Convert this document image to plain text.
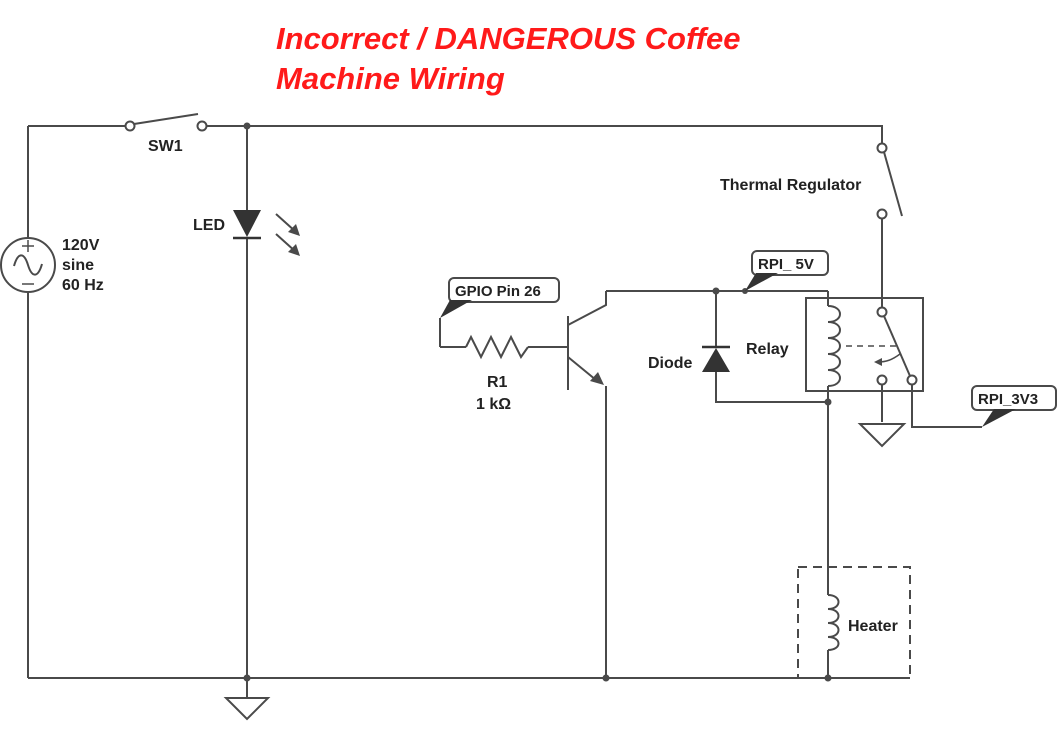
Incorrect / DANGEROUS Coffee
Machine Wiring
SW1
120V
sine
60 Hz
LED
Thermal Regulator
R1
1 kΩ
GPIO Pin 26
RPI_ 5V
Diode
Relay
RPI_3V3
Heater
